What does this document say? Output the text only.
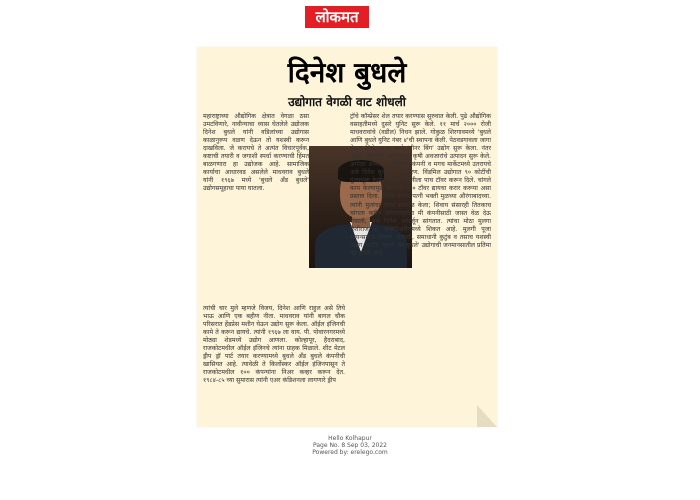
लोकमत
दिनेश बुधले
उद्योगात वेगळी वाट शोधली

महाराष्ट्राच्या औद्योगिक क्षेत्रात वेगळा ठसा उमटविणारे, नावीन्याचा ध्यास घेतलेले उद्योजक दिनेश बुधले यांनी वडिलांच्या उद्योगास काळानुरूप वळण देऊन तो यशस्वी करून दाखविला. जे करायचे ते अत्यंत विचारपूर्वक, कष्टाची तयारी व जगाशी स्पर्धा करण्याची हिंमत बाळगणारा हा उद्योजक आहे. सामाजिक कार्याचा आधारवड असलेले माधवराव बुधले यांनी १९६७ मध्ये 'बुधले अँड बुधले' उद्योगसमूहाचा पाया घातला.

त्यांची चार मुले म्हणजे विजय, दिनेश आणि राहुल असे तिघे भाऊ आणि एक बहीण नीता. माधवराव यांनी बागल चौक परिसरात हेंडप्रेस मशीन घेऊन उद्योग सुरू केला. ऑईल इंजिनची कामे ते करून द्यायचे. त्यांनी १९६७ ला वाय. पी. पोवारनगरमध्ये मोठ्या शेडमध्ये उद्योग आणला. कोल्हापूर, हैदराबाद, राजकोटमधील ऑईल इंजिनचे त्यांना ग्राहक मिळाले. शीट मेटल ड्रीप ड्रॉ पार्ट तयार करण्यामध्ये बुधले अँड बुधले कंपनीची खासियत आहे. त्यावेळी ते किर्लोस्कर ऑईल इंजिनपासून ते राजकोटमधील १०० कंपन्यांना निअर कव्हर करून देत. १९८४-८५ च्या सुमारास त्यांनी एअर कंडिशनला लागणारे ड्रीप

ट्रॉचे कॉम्प्रेसर शेल तयार करण्यास सुरुवात केली. पुढे औद्योगिक वसाहतीमध्ये दुसरे युनिट सुरू केले. ११ मार्च २००० रोजी माधवरावांचे (वडील) निधन झाले. गोकुळ शिरगावमध्ये 'बुधले आणि बुधले युनिट नंबर ४'ची स्थापना केली. पेठवडगावला जागा घेऊन तिथे २००४ मध्ये 'ग्रीनर बिंग' उद्योग सुरू केला. नंतर 'बुधले अँग्रो'च्या माध्यमातून कृषी अवजारांचे उत्पादन सुरू केले. अगोदर अभ्यास, त्यानंतरच कंपनी व मगच मार्केटमध्ये उतरायचे असे दिनेश बुधले यांचे धोरण. विंडमिल उद्योगात ९० कोटींची गुंतवणूक केली. गमेसा कंपनीला पाच टॉवर करून दिले. चांगले काम केल्यामुळे कंपनीने ४०० टॉवर द्यायचा करार करूया असा प्रस्ताव दिला. दिनेश यांच्या पत्नी भक्ती मुळच्या औरंगाबादच्या. त्यांनी मुलांचा उत्तम सांभाळ केला; शिवाय संसारही तितकाच चांगला करीत असल्यामुळेच मी कंपनीसाठी जास्त वेळ देऊ शकलो, असे दिनेश आवर्जून सांगतात. त्यांचा मोठा मुलगा रिशीराज हा इंजिनिअरिंगमध्ये शिकत आहे. मुलगी पूजा सायन्समध्ये शिकते. यशस्वी, समाधानी कुटुंब व तसाच यशस्वी उद्योग अशीच 'बुधले अँड बुधले' उद्योगाची जनमानसातील प्रतिमा घट्ट झाली आहे.

Hello Kolhapur
Page No. 8 Sep 03, 2022
Powered by: erelego.com
